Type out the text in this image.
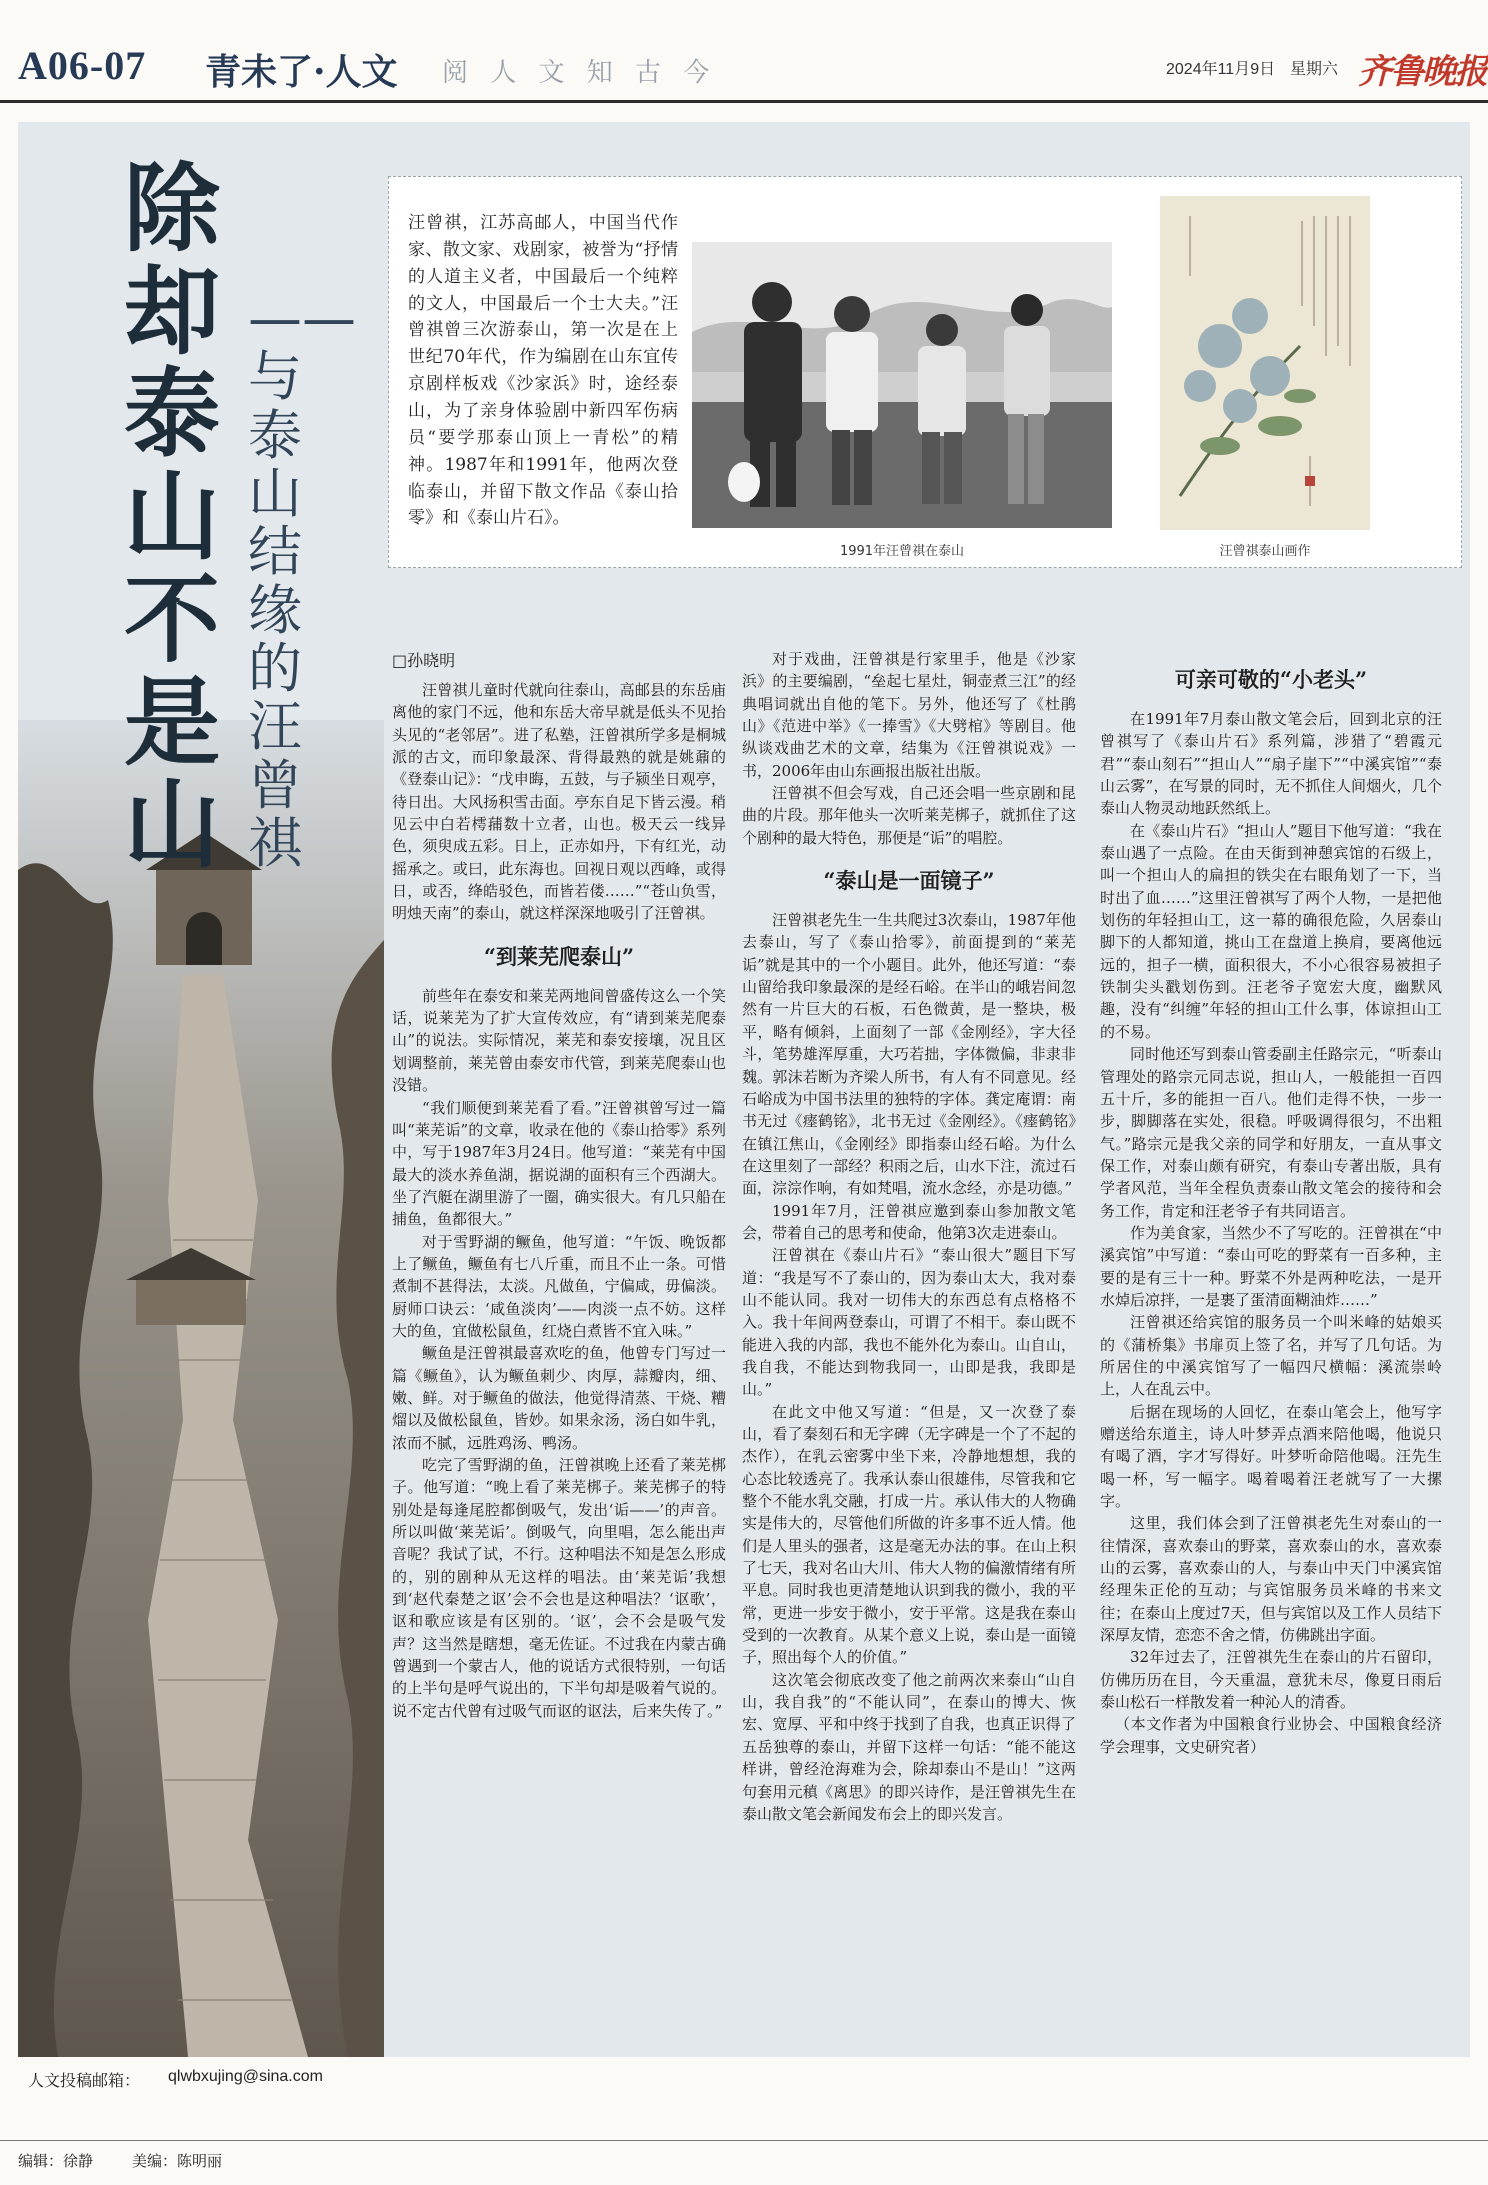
A06-07 青未了·人文 阅 人 文 知 古 今	2024年11月9日 星期六 齐鲁晚报
除却泰山不是山
——与泰山结缘的汪曾祺
汪曾祺，江苏高邮人，中国当代作家、散文家、戏剧家，被誉为“抒情的人道主义者，中国最后一个纯粹的文人，中国最后一个士大夫。”汪曾祺曾三次游泰山，第一次是在上世纪70年代，作为编剧在山东宜传京剧样板戏《沙家浜》时，途经泰山，为了亲身体验剧中新四军伤病员“要学那泰山顶上一青松”的精神。1987年和1991年，他两次登临泰山，并留下散文作品《泰山拾零》和《泰山片石》。
1991年汪曾祺在泰山	汪曾祺泰山画作
□孙晓明

汪曾祺儿童时代就向往泰山，高邮县的东岳庙离他的家门不远，他和东岳大帝早就是低头不见抬头见的“老邻居”。进了私塾，汪曾祺所学多是桐城派的古文，而印象最深、背得最熟的就是姚鼐的《登泰山记》：“戊申晦，五鼓，与子颍坐日观亭，待日出。大风扬积雪击面。亭东自足下皆云漫。稍见云中白若樗蒱数十立者，山也。极天云一线异色，须臾成五彩。日上，正赤如丹，下有红光，动摇承之。或曰，此东海也。回视日观以西峰，或得日，或否，绛皓驳色，而皆若偻……”“苍山负雪，明烛天南”的泰山，就这样深深地吸引了汪曾祺。

“到莱芜爬泰山”

前些年在泰安和莱芜两地间曾盛传这么一个笑话，说莱芜为了扩大宣传效应，有“请到莱芜爬泰山”的说法。实际情况，莱芜和泰安接壤，况且区划调整前，莱芜曾由泰安市代管，到莱芜爬泰山也没错。

“我们顺便到莱芜看了看。”汪曾祺曾写过一篇叫“莱芜诟”的文章，收录在他的《泰山拾零》系列中，写于1987年3月24日。他写道：“莱芜有中国最大的淡水养鱼湖，据说湖的面积有三个西湖大。坐了汽艇在湖里游了一圈，确实很大。有几只船在捕鱼，鱼都很大。”

对于雪野湖的鳜鱼，他写道：“午饭、晚饭都上了鳜鱼，鳜鱼有七八斤重，而且不止一条。可惜煮制不甚得法，太淡。凡做鱼，宁偏咸，毋偏淡。厨师口诀云：‘咸鱼淡肉’——肉淡一点不妨。这样大的鱼，宜做松鼠鱼，红烧白煮皆不宜入味。”

鳜鱼是汪曾祺最喜欢吃的鱼，他曾专门写过一篇《鳜鱼》，认为鳜鱼刺少、肉厚，蒜瓣肉，细、嫩、鲜。对于鳜鱼的做法，他觉得清蒸、干烧、糟熘以及做松鼠鱼，皆妙。如果汆汤，汤白如牛乳，浓而不腻，远胜鸡汤、鸭汤。

吃完了雪野湖的鱼，汪曾祺晚上还看了莱芜梆子。他写道：“晚上看了莱芜梆子。莱芜梆子的特别处是每逢尾腔都倒吸气，发出‘诟——’的声音。所以叫做‘莱芜诟’。倒吸气，向里唱，怎么能出声音呢？我试了试，不行。这种唱法不知是怎么形成的，别的剧种从无这样的唱法。由‘莱芜诟’我想到‘赵代秦楚之讴’会不会也是这种唱法？‘讴歌’，讴和歌应该是有区别的。‘讴’，会不会是吸气发声？这当然是瞎想，毫无佐证。不过我在内蒙古确曾遇到一个蒙古人，他的说话方式很特别，一句话的上半句是呼气说出的，下半句却是吸着气说的。说不定古代曾有过吸气而讴的讴法，后来失传了。”

对于戏曲，汪曾祺是行家里手，他是《沙家浜》的主要编剧，“垒起七星灶，铜壶煮三江”的经典唱词就出自他的笔下。另外，他还写了《杜鹃山》《范进中举》《一捧雪》《大劈棺》等剧目。他纵谈戏曲艺术的文章，结集为《汪曾祺说戏》一书，2006年由山东画报出版社出版。

汪曾祺不但会写戏，自己还会唱一些京剧和昆曲的片段。那年他头一次听莱芜梆子，就抓住了这个剧种的最大特色，那便是“诟”的唱腔。

“泰山是一面镜子”

汪曾祺老先生一生共爬过3次泰山，1987年他去泰山，写了《泰山拾零》，前面提到的“莱芜诟”就是其中的一个小题目。此外，他还写道：“泰山留给我印象最深的是经石峪。在半山的峨岩间忽然有一片巨大的石板，石色微黄，是一整块，极平，略有倾斜，上面刻了一部《金刚经》，字大径斗，笔势雄浑厚重，大巧若拙，字体微偏，非隶非魏。郭沫若断为齐梁人所书，有人有不同意见。经石峪成为中国书法里的独特的字体。龚定庵谓：南书无过《瘗鹤铭》，北书无过《金刚经》。《瘗鹤铭》在镇江焦山，《金刚经》即指泰山经石峪。为什么在这里刻了一部经？积雨之后，山水下注，流过石面，淙淙作响，有如梵唱，流水念经，亦是功德。”

1991年7月，汪曾祺应邀到泰山参加散文笔会，带着自己的思考和使命，他第3次走进泰山。

汪曾祺在《泰山片石》“泰山很大”题目下写道：“我是写不了泰山的，因为泰山太大，我对泰山不能认同。我对一切伟大的东西总有点格格不入。我十年间两登泰山，可谓了不相干。泰山既不能进入我的内部，我也不能外化为泰山。山自山，我自我，不能达到物我同一，山即是我，我即是山。”

在此文中他又写道：“但是，又一次登了泰山，看了秦刻石和无字碑（无字碑是一个了不起的杰作），在乳云密雾中坐下来，冷静地想想，我的心态比较透亮了。我承认泰山很雄伟，尽管我和它整个不能水乳交融，打成一片。承认伟大的人物确实是伟大的，尽管他们所做的许多事不近人情。他们是人里头的强者，这是毫无办法的事。在山上积了七天，我对名山大川、伟大人物的偏激情绪有所平息。同时我也更清楚地认识到我的微小，我的平常，更进一步安于微小，安于平常。这是我在泰山受到的一次教育。从某个意义上说，泰山是一面镜子，照出每个人的价值。”

这次笔会彻底改变了他之前两次来泰山“山自山，我自我”的“不能认同”，在泰山的博大、恢宏、宽厚、平和中终于找到了自我，也真正识得了五岳独尊的泰山，并留下这样一句话：“能不能这样讲，曾经沧海难为会，除却泰山不是山！”这两句套用元稹《离思》的即兴诗作，是汪曾祺先生在泰山散文笔会新闻发布会上的即兴发言。

可亲可敬的“小老头”

在1991年7月泰山散文笔会后，回到北京的汪曾祺写了《泰山片石》系列篇，涉猎了“碧霞元君”“泰山刻石”“担山人”“扇子崖下”“中溪宾馆”“泰山云雾”，在写景的同时，无不抓住人间烟火，几个泰山人物灵动地跃然纸上。

在《泰山片石》“担山人”题目下他写道：“我在泰山遇了一点险。在由天街到神憩宾馆的石级上，叫一个担山人的扁担的铁尖在右眼角划了一下，当时出了血……”这里汪曾祺写了两个人物，一是把他划伤的年轻担山工，这一幕的确很危险，久居泰山脚下的人都知道，挑山工在盘道上换肩，要离他远远的，担子一横，面积很大，不小心很容易被担子铁制尖头戳划伤到。汪老爷子宽宏大度，幽默风趣，没有“纠缠”年轻的担山工什么事，体谅担山工的不易。

同时他还写到泰山管委副主任路宗元，“听泰山管理处的路宗元同志说，担山人，一般能担一百四五十斤，多的能担一百八。他们走得不快，一步一步，脚脚落在实处，很稳。呼吸调得很匀，不出粗气。”路宗元是我父亲的同学和好朋友，一直从事文保工作，对泰山颇有研究，有泰山专著出版，具有学者风范，当年全程负责泰山散文笔会的接待和会务工作，肯定和汪老爷子有共同语言。

作为美食家，当然少不了写吃的。汪曾祺在“中溪宾馆”中写道：“泰山可吃的野菜有一百多种，主要的是有三十一种。野菜不外是两种吃法，一是开水焯后凉拌，一是裹了蛋清面糊油炸……”

汪曾祺还给宾馆的服务员一个叫米峰的姑娘买的《蒲桥集》书扉页上签了名，并写了几句话。为所居住的中溪宾馆写了一幅四尺横幅：溪流崇岭上，人在乱云中。

后据在现场的人回忆，在泰山笔会上，他写字赠送给东道主，诗人叶梦弄点酒来陪他喝，他说只有喝了酒，字才写得好。叶梦听命陪他喝。汪先生喝一杯，写一幅字。喝着喝着汪老就写了一大摞字。

这里，我们体会到了汪曾祺老先生对泰山的一往情深，喜欢泰山的野菜，喜欢泰山的水，喜欢泰山的云雾，喜欢泰山的人，与泰山中天门中溪宾馆经理朱正伦的互动；与宾馆服务员米峰的书来文往；在泰山上度过7天，但与宾馆以及工作人员结下深厚友情，恋恋不舍之情，仿佛跳出字面。

32年过去了，汪曾祺先生在泰山的片石留印，仿佛历历在目，今天重温，意犹未尽，像夏日雨后泰山松石一样散发着一种沁人的清香。

（本文作者为中国粮食行业协会、中国粮食经济学会理事，文史研究者）

人文投稿邮箱： qlwbxujing@sina.com
编辑：徐静	美编：陈明丽
